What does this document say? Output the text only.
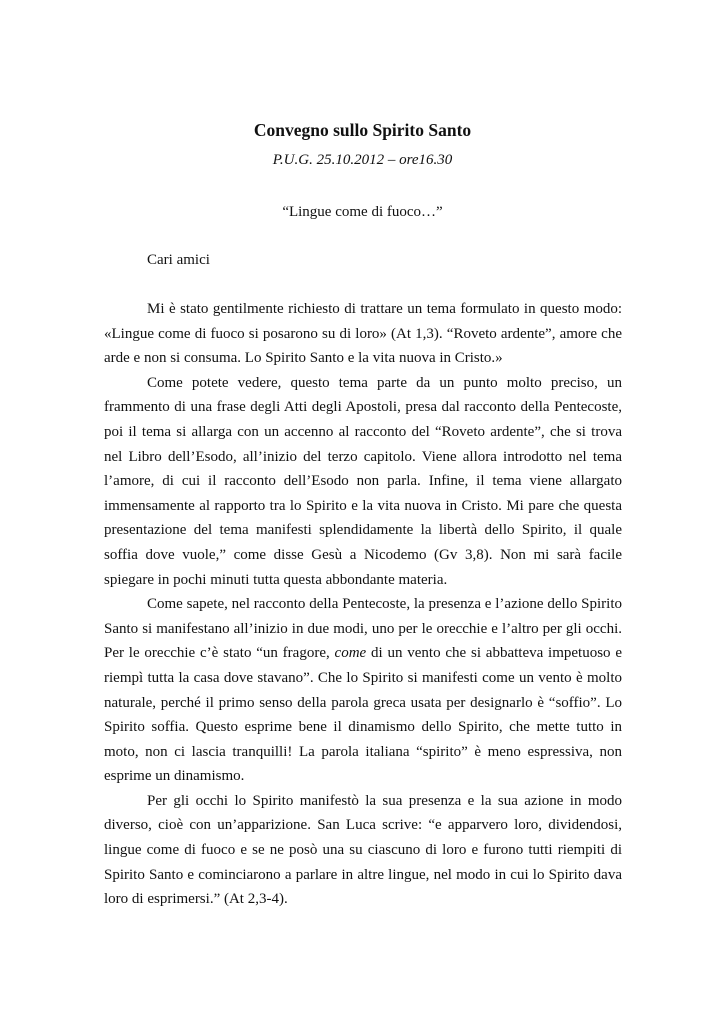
Convegno sullo Spirito Santo
P.U.G. 25.10.2012 – ore16.30
“Lingue come di fuoco…”
Cari amici

Mi è stato gentilmente richiesto di trattare un tema formulato in questo modo: «Lingue come di fuoco si posarono su di loro» (At 1,3). “Roveto ardente”, amore che arde e non si consuma. Lo Spirito Santo e la vita nuova in Cristo.»

Come potete vedere, questo tema parte da un punto molto preciso, un frammento di una frase degli Atti degli Apostoli, presa dal racconto della Pentecoste, poi il tema si allarga con un accenno al racconto del “Roveto ardente”, che si trova nel Libro dell’Esodo, all’inizio del terzo capitolo. Viene allora introdotto nel tema l’amore, di cui il racconto dell’Esodo non parla. Infine, il tema viene allargato immensamente al rapporto tra lo Spirito e la vita nuova in Cristo. Mi pare che questa presentazione del tema manifesti splendidamente la libertà dello Spirito, il quale soffia dove vuole,” come disse Gesù a Nicodemo (Gv 3,8). Non mi sarà facile spiegare in pochi minuti tutta questa abbondante materia.

Come sapete, nel racconto della Pentecoste, la presenza e l’azione dello Spirito Santo si manifestano all’inizio in due modi, uno per le orecchie e l’altro per gli occhi. Per le orecchie c’è stato “un fragore, come di un vento che si abbatteva impetuoso e riempì tutta la casa dove stavano”. Che lo Spirito si manifesti come un vento è molto naturale, perché il primo senso della parola greca usata per designarlo è “soffio”. Lo Spirito soffia. Questo esprime bene il dinamismo dello Spirito, che mette tutto in moto, non ci lascia tranquilli! La parola italiana “spirito” è meno espressiva, non esprime un dinamismo.

Per gli occhi lo Spirito manifestò la sua presenza e la sua azione in modo diverso, cioè con un’apparizione. San Luca scrive: “e apparvero loro, dividendosi, lingue come di fuoco e se ne posò una su ciascuno di loro e furono tutti riempiti di Spirito Santo e cominciarono a parlare in altre lingue, nel modo in cui lo Spirito dava loro di esprimersi.” (At 2,3-4).
